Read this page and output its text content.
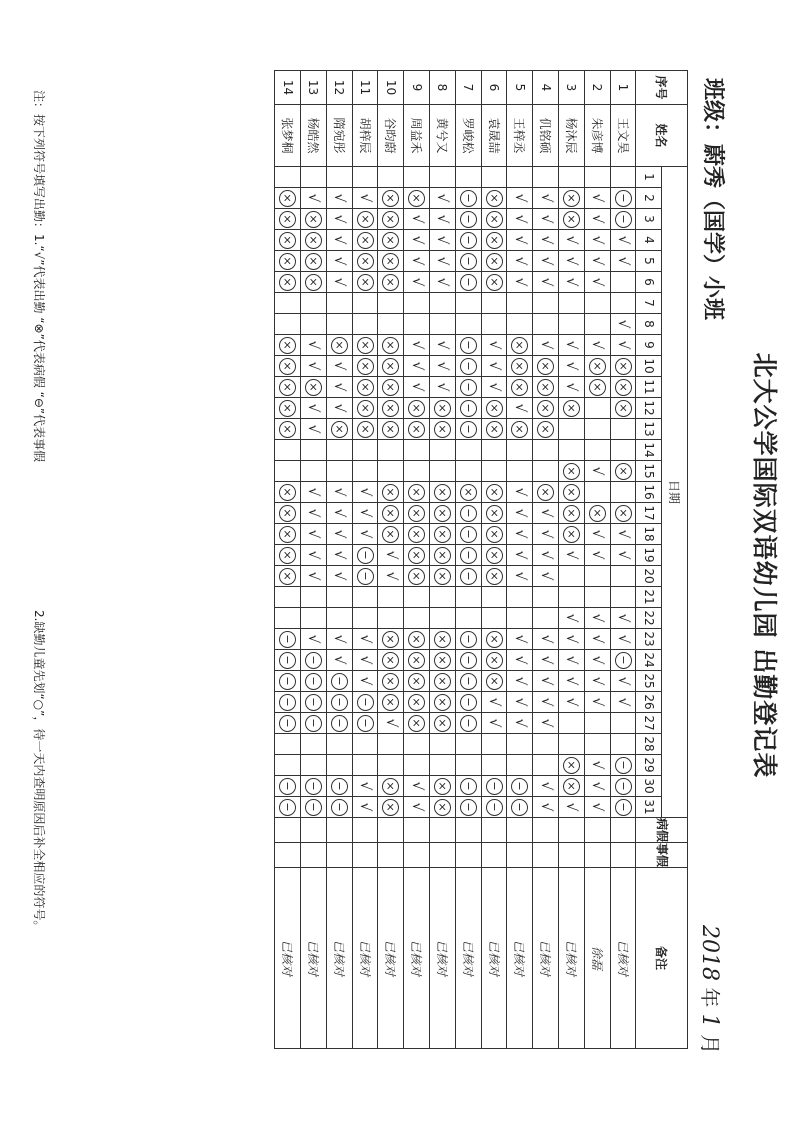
北大公学国际双语幼儿园 出勤登记表
班级：蔚秀（国学）小班
2018 年 1 月
序号	姓名	日期																															病假	事假	备注
		1	2	3	4	5	6	7	8	9	10	11	12	13	14	15	16	17	18	19	20	21	22	23	24	25	26	27	28	29	30	31			
1	王文昊		−	−	√	√			√	√	×	×	×			×		×	√	√			√	√	−	√	√			−	−	−			已核对
2	朱彦博		√	√	√	√	√			√	×	×				√		×	√	√			√	√	√	√	√			√	√	√			徐磊
3	杨沐辰		×	×	√	√	√			√	√	√	×			×	×	×	×	√			√	√	√	√	√			×	×	√			已核对
4	仉铭硕		√	√	√	√	√			√	×	×	×	×			×	√	√	√	√			√	√	√	√	√			√	√			已核对
5	王梓丞		√	√	√	√	√			×	×	×	√	×			√	√	√	√	√			√	√	√	√	√			−	−			已核对
6	袁晟喆		×	×	×	×	×			√	√	√	×	×			×	×	×	×	×			×	×	×	√	√			−	−			已核对
7	罗峻松		−	−	−	−	−			−	−	−	−	−			×	−	−	−	−			−	−	−	−	−			−	−			已核对
8	黄兮又		√	√	√	√	√			√	√	√	×	×			×	×	×	×	×			×	×	×	×	×			×	×			已核对
9	周益禾		×	√	√	√	√			√	√	√	×	×			×	×	×	×	×			×	×	×	×	×			√	√			已核对
10	谷昀蔚		×	×	×	×	×			×	×	×	×	×			×	×	×	√	√			×	×	×	×	√			×	×			已核对
11	胡梓辰		√	×	×	×	×			×	×	×	×	×			√	√	√	−	−			√	√	√	−	−			√	√			已核对
12	隋宛彤		√	√	√	√	√			×	√	√	√	×			√	√	√	√	√			√	√	−	−	−			−	−			已核对
13	杨皓然		√	×	×	×	×			√	√	×	√	√			√	√	√	√	√			√	−	−	−	−			−	−			已核对
14	张梦桐		×	×	×	×	×			×	×	×	×	×			×	×	×	×	×			−	−	−	−	−			−	−			已核对
注：按下列符号填写出勤：1.“√”代表出勤 “⊗”代表病假 “⊖”代表事假
2.缺勤儿童先划“○”，待一天内查明原因后补全相应的符号。
